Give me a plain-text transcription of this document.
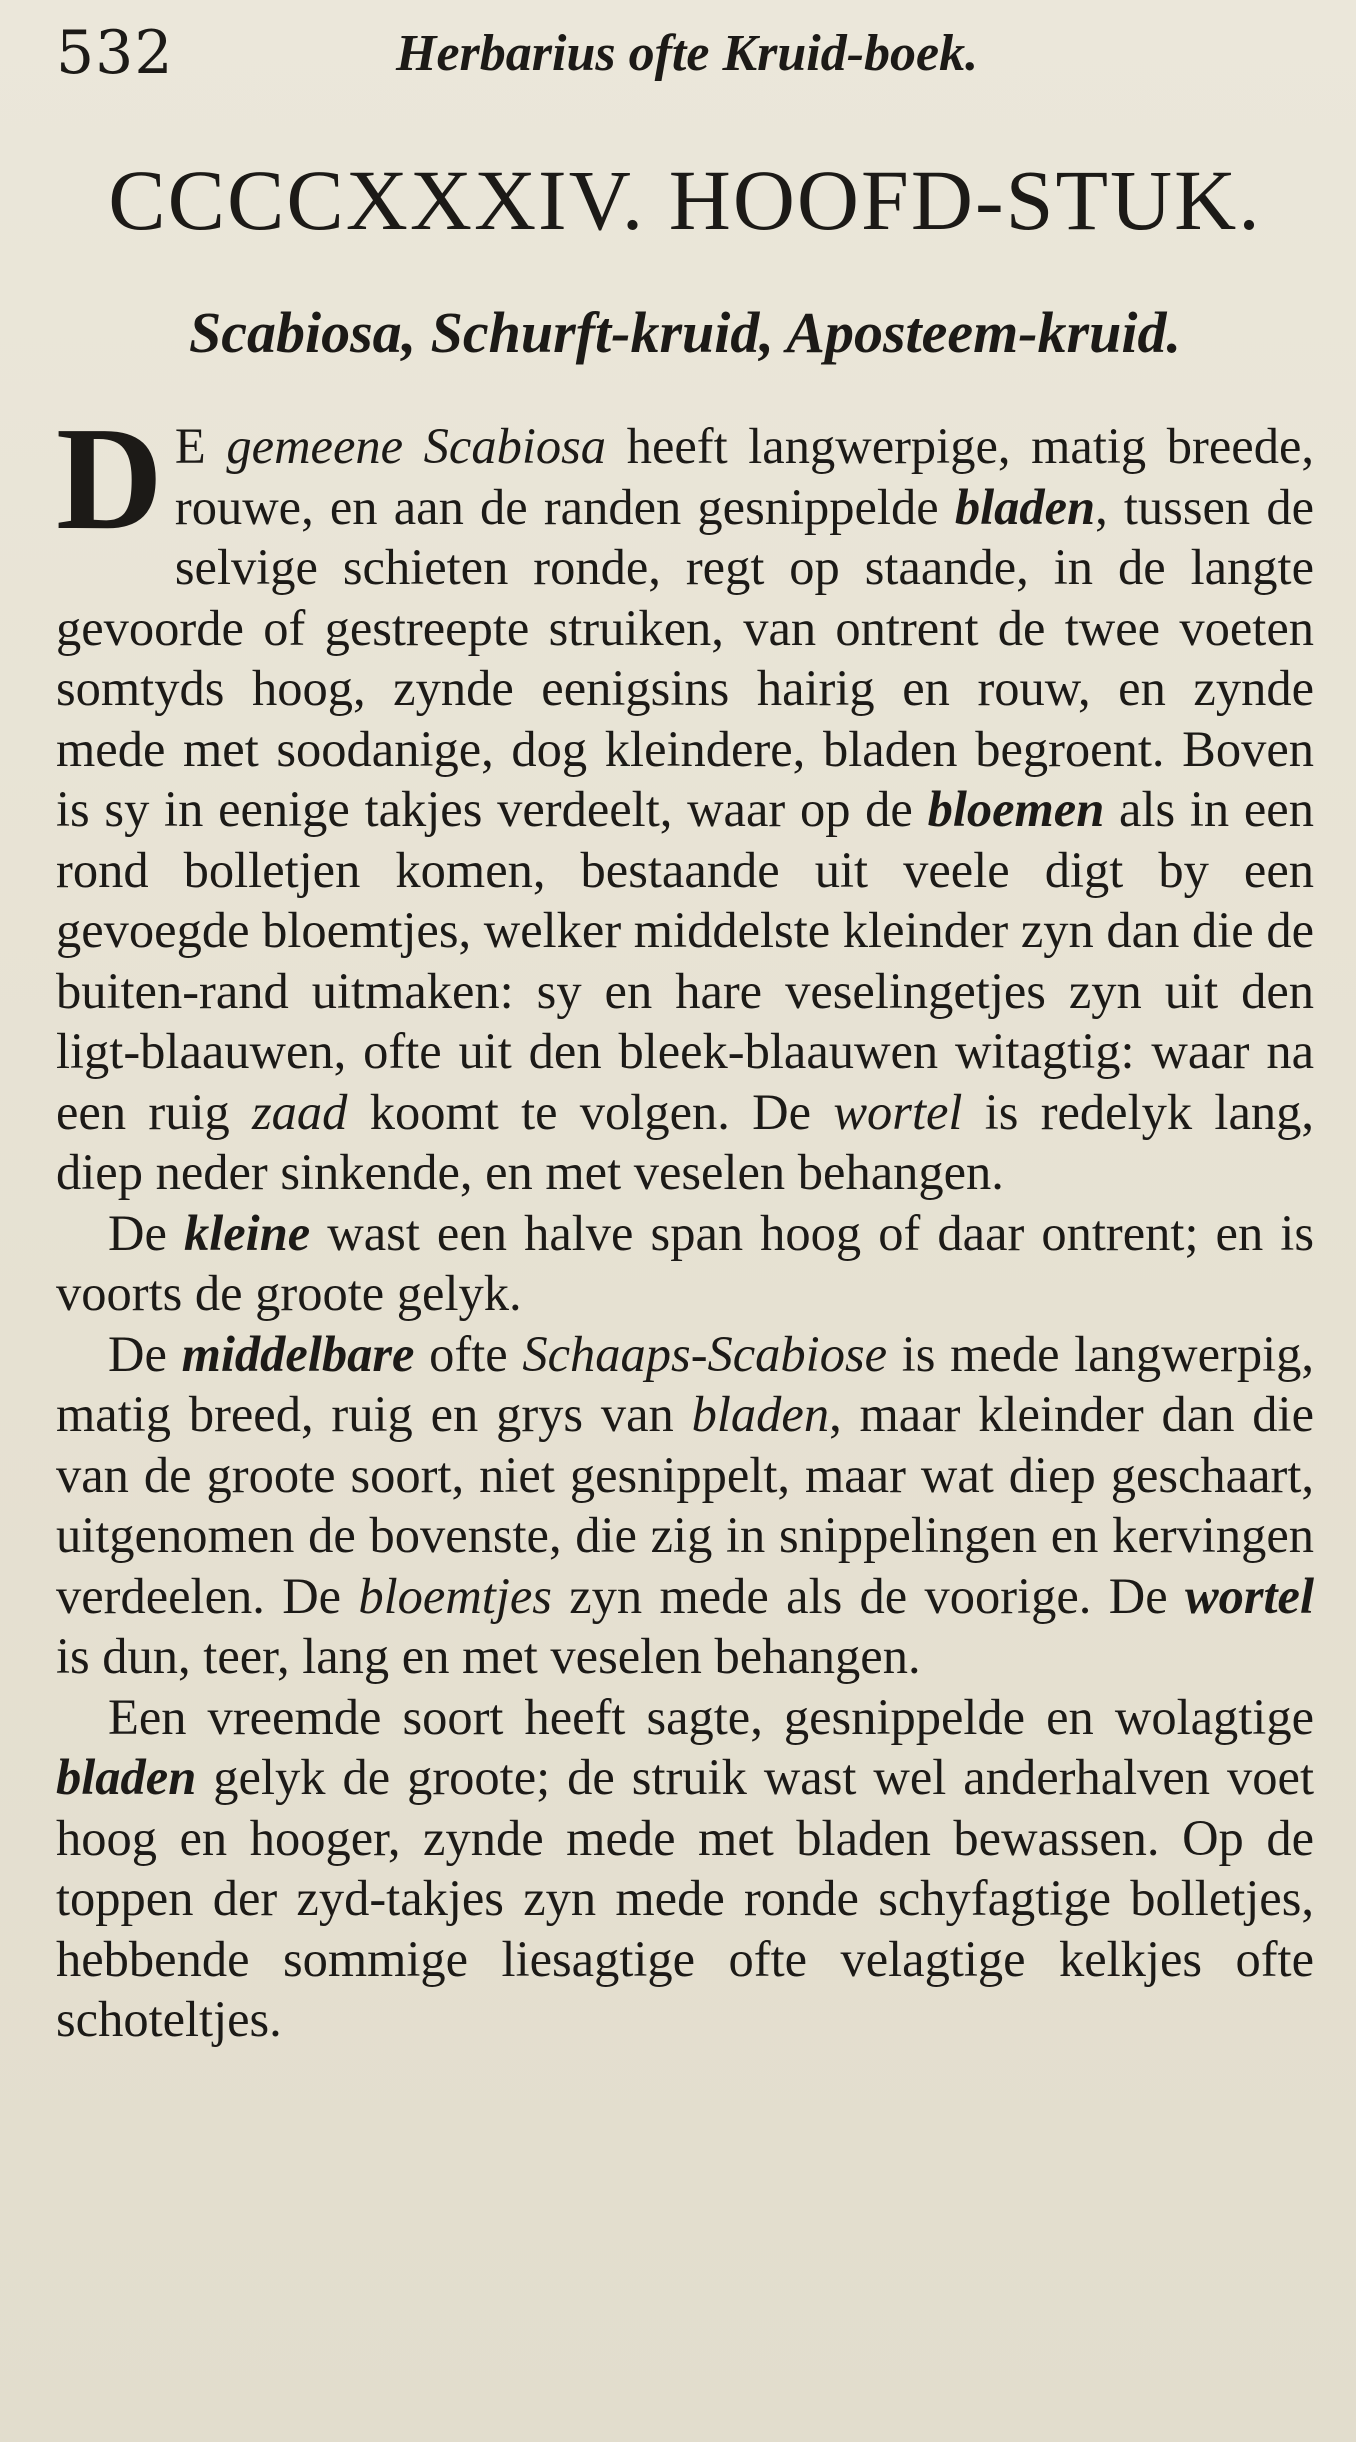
532	Herbarius ofte Kruid-boek.
CCCCXXXIV. HOOFD-STUK.
Scabiosa, Schurft-kruid, Aposteem-kruid.

D E gemeene Scabiosa heeft langwerpige, matig breede, rouwe, en aan de randen gesnippelde bladen, tussen de selvige schieten ronde, regt op staande, in de langte gevoorde of gestreepte struiken, van ontrent de twee voeten somtyds hoog, zynde eenigsins hairig en rouw, en zynde mede met soodanige, dog kleindere, bladen begroent. Boven is sy in eenige takjes verdeelt, waar op de bloemen als in een rond bolletjen komen, bestaande uit veele digt by een gevoegde bloemtjes, welker middelste kleinder zyn dan die de buiten-rand uitmaken: sy en hare veselingetjes zyn uit den ligt-blaauwen, ofte uit den bleek-blaauwen witagtig: waar na een ruig zaad koomt te volgen. De wortel is redelyk lang, diep neder sinkende, en met veselen behangen.

De kleine wast een halve span hoog of daar ontrent; en is voorts de groote gelyk.

De middelbare ofte Schaaps-Scabiose is mede langwerpig, matig breed, ruig en grys van bladen, maar kleinder dan die van de groote soort, niet gesnippelt, maar wat diep geschaart, uitgenomen de bovenste, die zig in snippelingen en kervingen verdeelen. De bloemtjes zyn mede als de voorige. De wortel is dun, teer, lang en met veselen behangen.

Een vreemde soort heeft sagte, gesnippelde en wolagtige bladen gelyk de groote; de struik wast wel anderhalven voet hoog en hooger, zynde mede met bladen bewassen. Op de toppen der zyd-takjes zyn mede ronde schyfagtige bolletjes, hebbende sommige liesagtige ofte velagtige kelkjes ofte schoteltjes.
